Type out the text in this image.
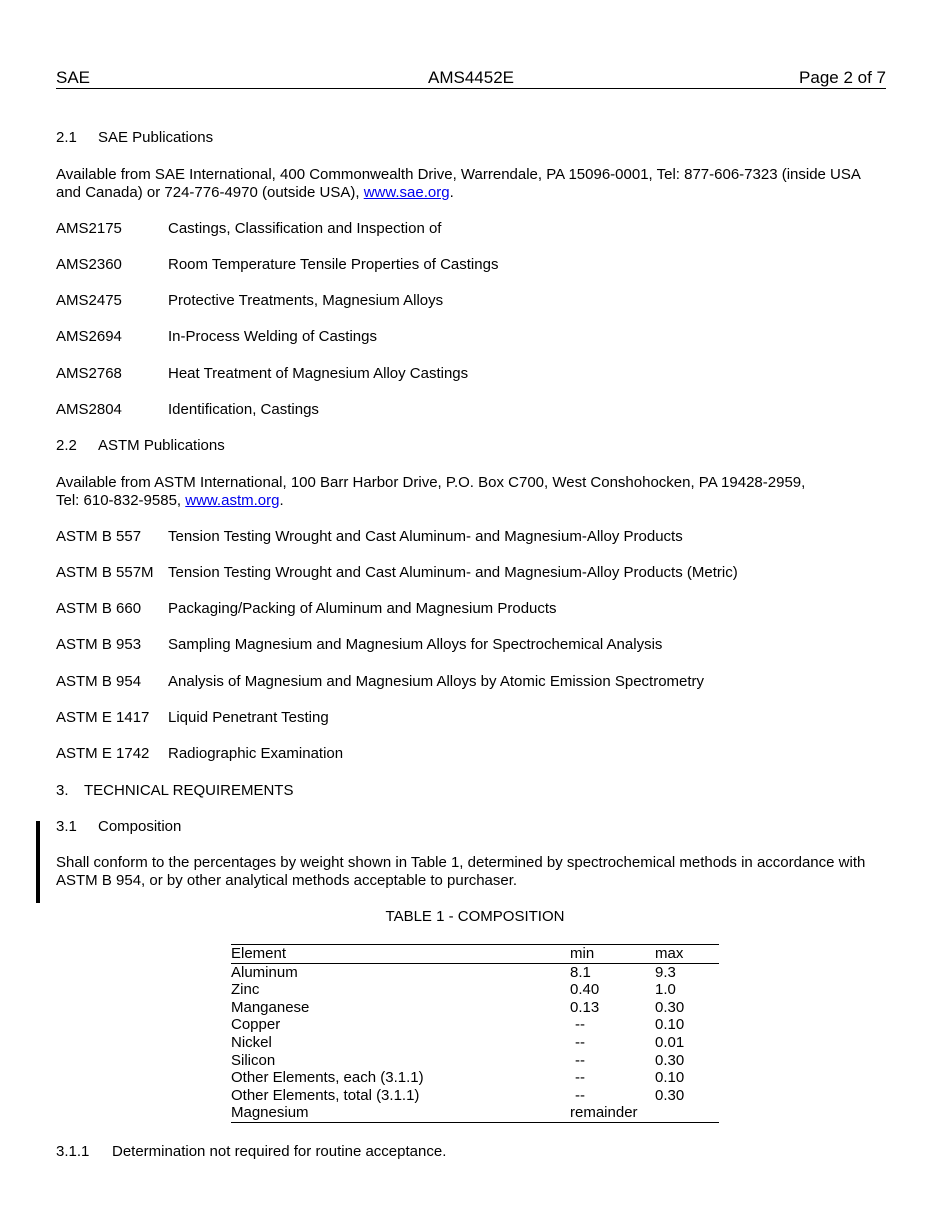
SAE	AMS4452E	Page 2 of 7
2.1 SAE Publications
Available from SAE International, 400 Commonwealth Drive, Warrendale, PA 15096-0001, Tel: 877-606-7323 (inside USA
and Canada) or 724-776-4970 (outside USA), www.sae.org.
AMS2175	Castings, Classification and Inspection of
AMS2360	Room Temperature Tensile Properties of Castings
AMS2475	Protective Treatments, Magnesium Alloys
AMS2694	In-Process Welding of Castings
AMS2768	Heat Treatment of Magnesium Alloy Castings
AMS2804	Identification, Castings
2.2 ASTM Publications
Available from ASTM International, 100 Barr Harbor Drive, P.O. Box C700, West Conshohocken, PA 19428-2959,
Tel: 610-832-9585, www.astm.org.
ASTM B 557 Tension Testing Wrought and Cast Aluminum- and Magnesium-Alloy Products
ASTM B 557M Tension Testing Wrought and Cast Aluminum- and Magnesium-Alloy Products (Metric)
ASTM B 660 Packaging/Packing of Aluminum and Magnesium Products
ASTM B 953 Sampling Magnesium and Magnesium Alloys for Spectrochemical Analysis
ASTM B 954 Analysis of Magnesium and Magnesium Alloys by Atomic Emission Spectrometry
ASTM E 1417 Liquid Penetrant Testing
ASTM E 1742 Radiographic Examination
3. TECHNICAL REQUIREMENTS
3.1 Composition
Shall conform to the percentages by weight shown in Table 1, determined by spectrochemical methods in accordance with
ASTM B 954, or by other analytical methods acceptable to purchaser.
TABLE 1 - COMPOSITION
Element	min	max
Aluminum	8.1	9.3
Zinc	0.40	1.0
Manganese	0.13	0.30
Copper	--	0.10
Nickel	--	0.01
Silicon	--	0.30
Other Elements, each (3.1.1)	--	0.10
Other Elements, total (3.1.1)	--	0.30
Magnesium	remainder	
3.1.1 Determination not required for routine acceptance.
